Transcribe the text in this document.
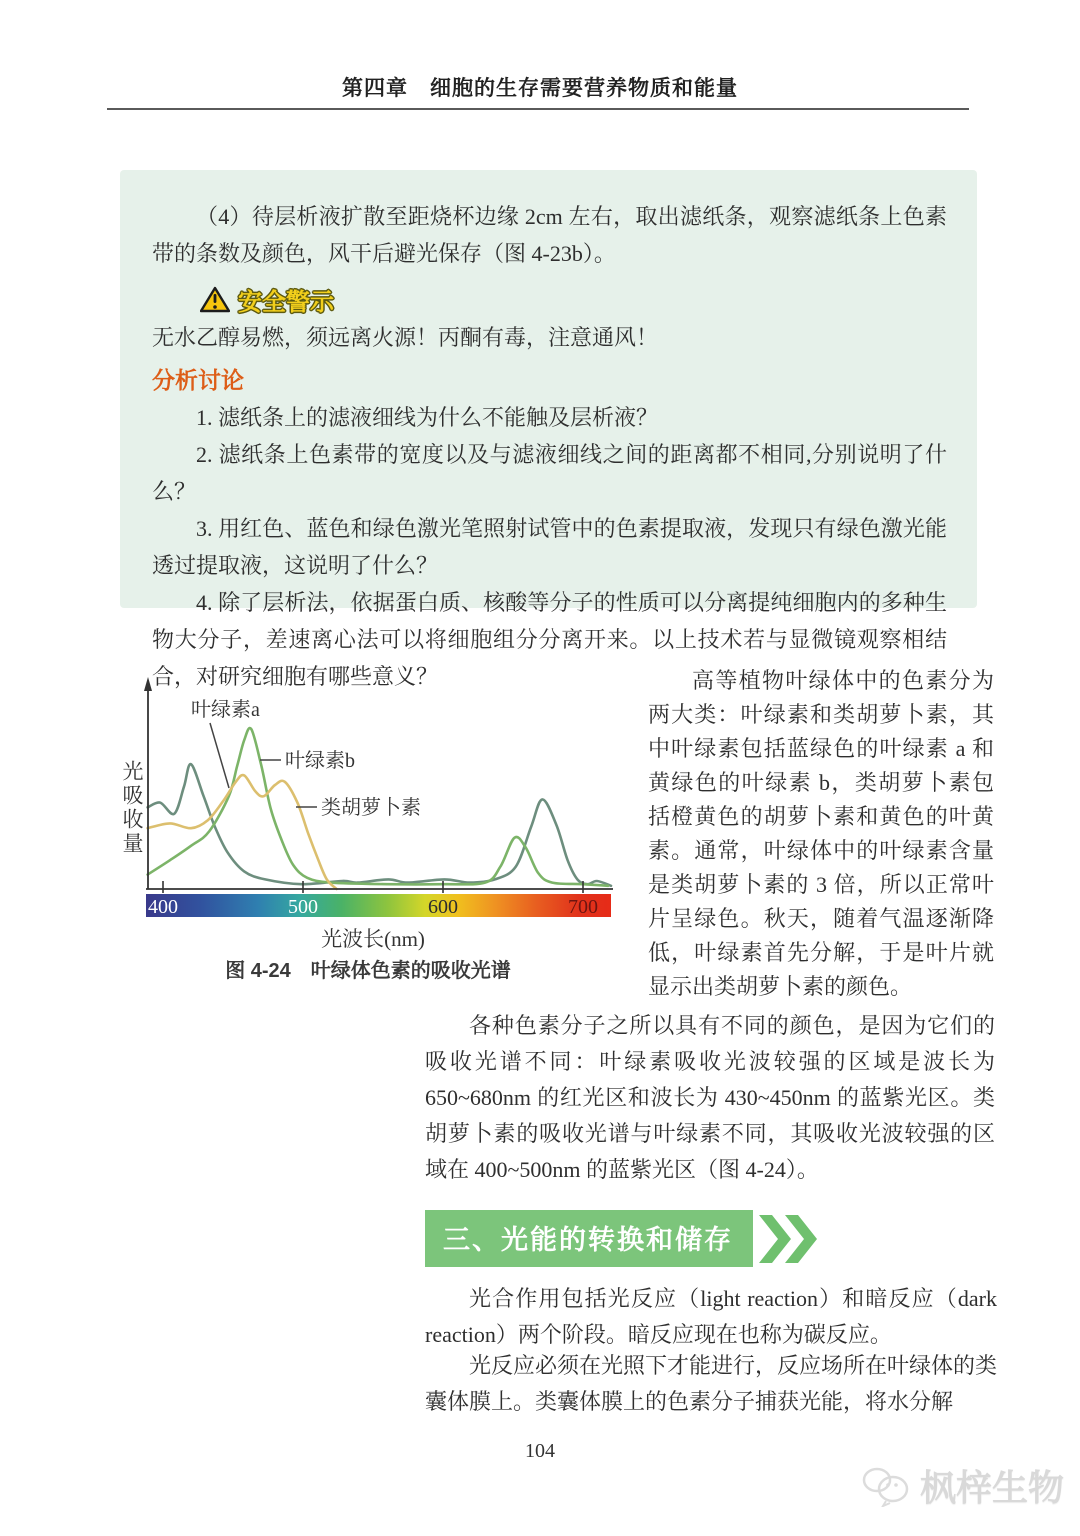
第四章　细胞的生存需要营养物质和能量

（4）待层析液扩散至距烧杯边缘 2cm 左右，取出滤纸条，观察滤纸条上色素带的条数及颜色，风干后避光保存（图 4-23b）。

安全警示

无水乙醇易燃，须远离火源！丙酮有毒，注意通风！

分析讨论

1. 滤纸条上的滤液细线为什么不能触及层析液？

2. 滤纸条上色素带的宽度以及与滤液细线之间的距离都不相同,分别说明了什么？

3. 用红色、蓝色和绿色激光笔照射试管中的色素提取液，发现只有绿色激光能透过提取液，这说明了什么？

4. 除了层析法，依据蛋白质、核酸等分子的性质可以分离提纯细胞内的多种生物大分子，差速离心法可以将细胞组分分离开来。以上技术若与显微镜观察相结合，对研究细胞有哪些意义？

400	500	600	700
叶绿素a
叶绿素b
类胡萝卜素
光波长(nm)
光吸收量
图 4-24　叶绿体色素的吸收光谱
高等植物叶绿体中的色素分为两大类：叶绿素和类胡萝卜素，其中叶绿素包括蓝绿色的叶绿素 a 和黄绿色的叶绿素 b，类胡萝卜素包括橙黄色的胡萝卜素和黄色的叶黄素。通常，叶绿体中的叶绿素含量是类胡萝卜素的 3 倍，所以正常叶片呈绿色。秋天，随着气温逐渐降低，叶绿素首先分解，于是叶片就显示出类胡萝卜素的颜色。
各种色素分子之所以具有不同的颜色，是因为它们的吸收光谱不同：叶绿素吸收光波较强的区域是波长为650~680nm 的红光区和波长为 430~450nm 的蓝紫光区。类胡萝卜素的吸收光谱与叶绿素不同，其吸收光波较强的区域在 400~500nm 的蓝紫光区（图 4-24）。
三、光能的转换和储存
光合作用包括光反应（light reaction）和暗反应（dark reaction）两个阶段。暗反应现在也称为碳反应。
光反应必须在光照下才能进行，反应场所在叶绿体的类囊体膜上。类囊体膜上的色素分子捕获光能，将水分解
104
枫梓生物
